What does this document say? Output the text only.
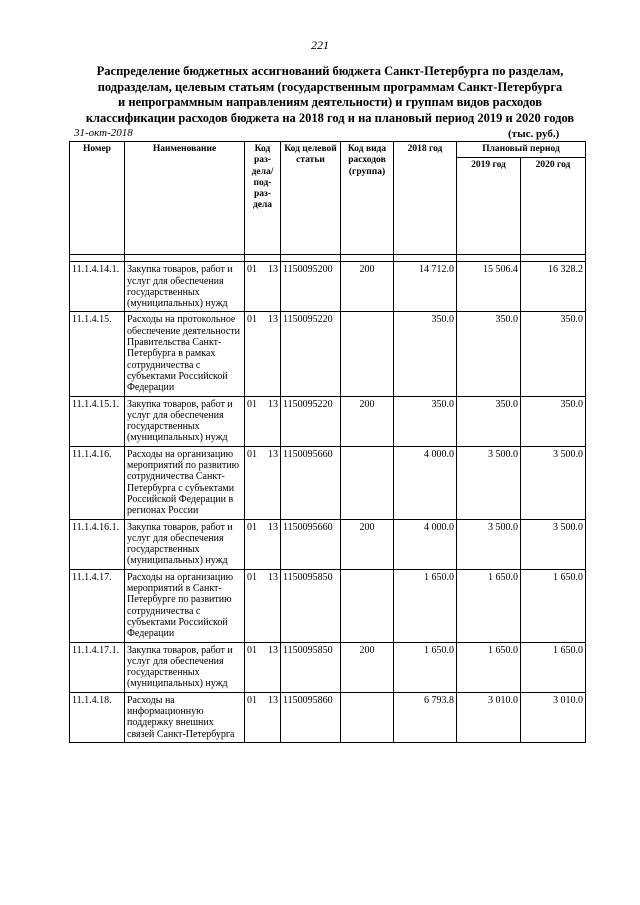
221
Распределение бюджетных ассигнований бюджета Санкт-Петербурга по разделам,
подразделам, целевым статьям (государственным программам Санкт-Петербурга
и непрограммным направлениям деятельности) и группам видов расходов
классификации расходов бюджета на 2018 год и на плановый период 2019 и 2020 годов
31-окт-2018	(тыс. руб.)
Номер	Наименование	Код раз-дела/ под-раз-дела	Код целевой статьи	Код вида расходов (группа)	2018 год	Плановый период	
						2019 год	2020 год

11.1.4.14.1.	Закупка товаров, работ и услуг для обеспечения государственных (муниципальных) нужд	01 13	1150095200	200	14 712.0	15 506.4	16 328.2
11.1.4.15.	Расходы на протокольное обеспечение деятельности Правительства Санкт-Петербурга в рамках сотрудничества с субъектами Российской Федерации	01 13	1150095220		350.0	350.0	350.0
11.1.4.15.1.	Закупка товаров, работ и услуг для обеспечения государственных (муниципальных) нужд	01 13	1150095220	200	350.0	350.0	350.0
11.1.4.16.	Расходы на организацию мероприятий по развитию сотрудничества Санкт-Петербурга с субъектами Российской Федерации в регионах России	01 13	1150095660		4 000.0	3 500.0	3 500.0
11.1.4.16.1.	Закупка товаров, работ и услуг для обеспечения государственных (муниципальных) нужд	01 13	1150095660	200	4 000.0	3 500.0	3 500.0
11.1.4.17.	Расходы на организацию мероприятий в Санкт-Петербурге по развитию сотрудничества с субъектами Российской Федерации	01 13	1150095850		1 650.0	1 650.0	1 650.0
11.1.4.17.1.	Закупка товаров, работ и услуг для обеспечения государственных (муниципальных) нужд	01 13	1150095850	200	1 650.0	1 650.0	1 650.0
11.1.4.18.	Расходы на информационную поддержку внешних связей Санкт-Петербурга	01 13	1150095860		6 793.8	3 010.0	3 010.0
